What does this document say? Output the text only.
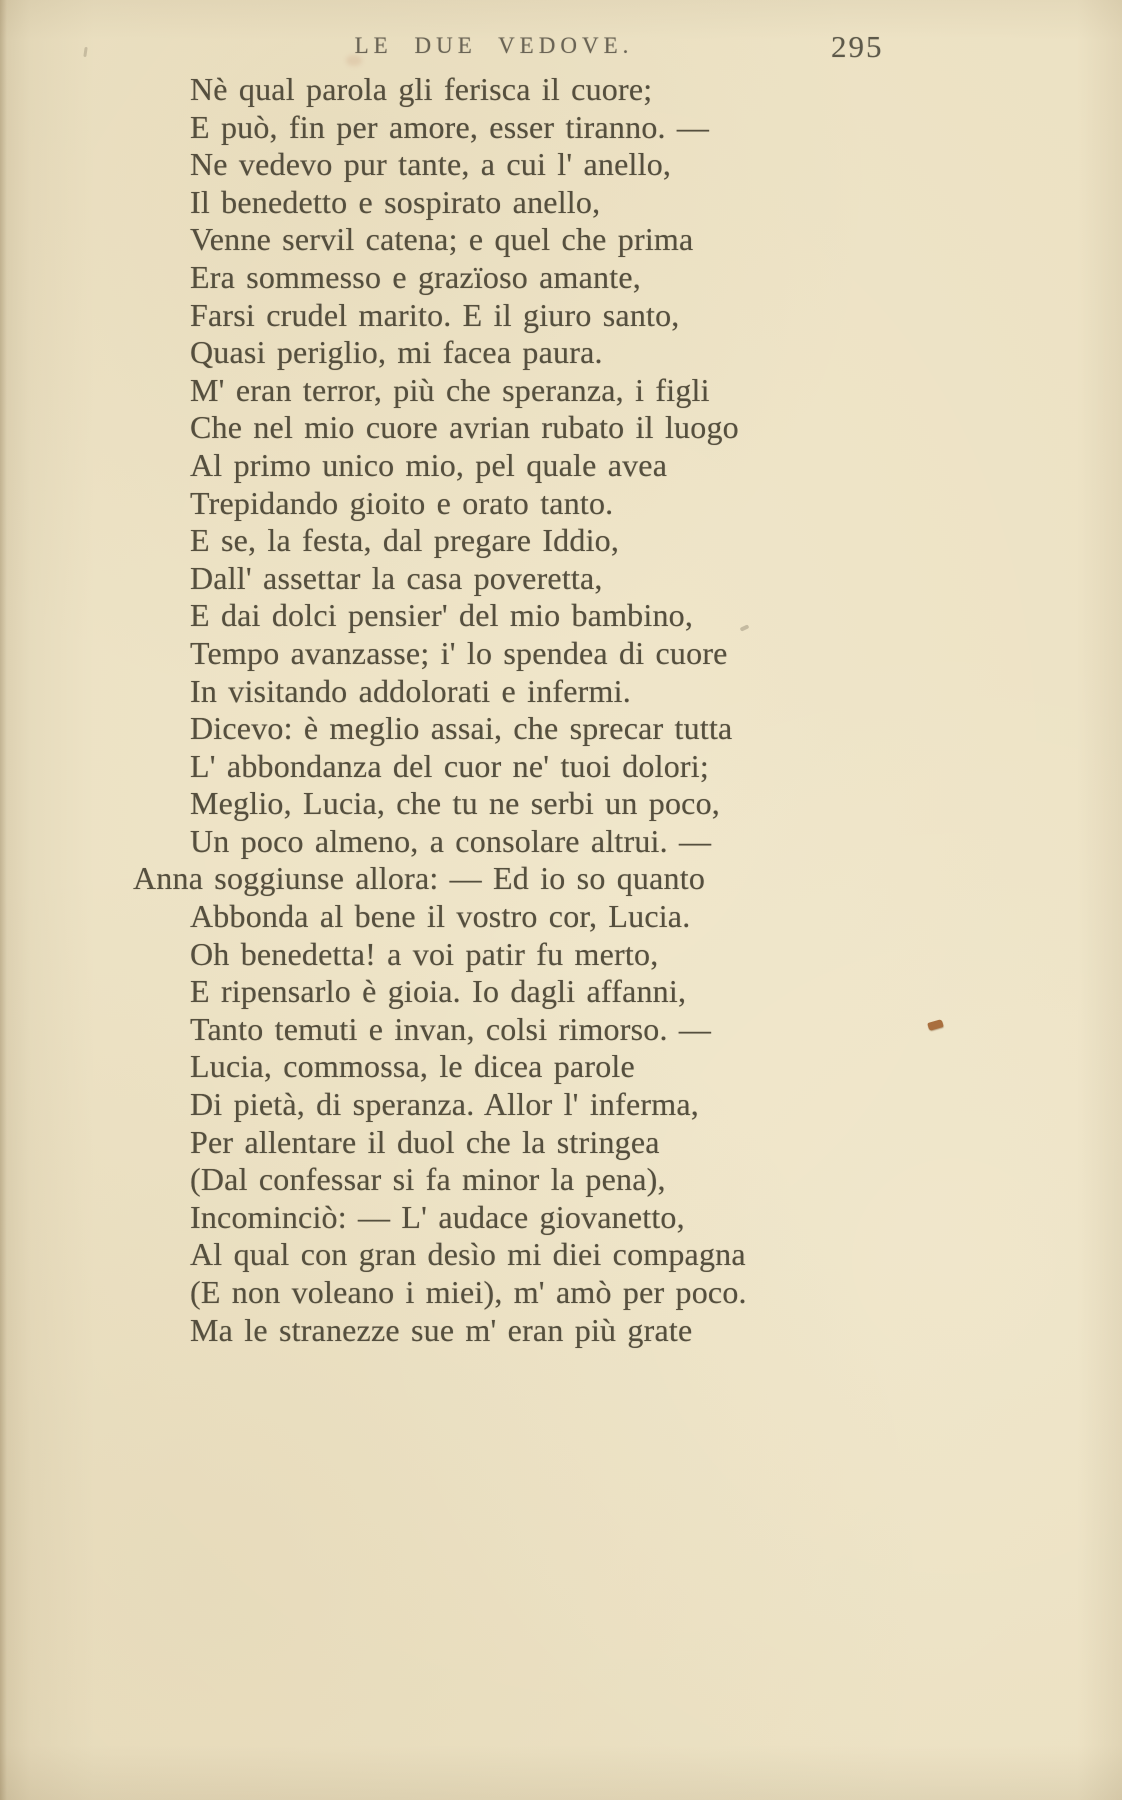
LE DUE VEDOVE.	295
Nè qual parola gli ferisca il cuore;
E può, fin per amore, esser tiranno. —
Ne vedevo pur tante, a cui l' anello,
Il benedetto e sospirato anello,
Venne servil catena; e quel che prima
Era sommesso e grazïoso amante,
Farsi crudel marito. E il giuro santo,
Quasi periglio, mi facea paura.
M' eran terror, più che speranza, i figli
Che nel mio cuore avrian rubato il luogo
Al primo unico mio, pel quale avea
Trepidando gioito e orato tanto.
E se, la festa, dal pregare Iddio,
Dall' assettar la casa poveretta,
E dai dolci pensier' del mio bambino,
Tempo avanzasse; i' lo spendea di cuore
In visitando addolorati e infermi.
Dicevo: è meglio assai, che sprecar tutta
L' abbondanza del cuor ne' tuoi dolori;
Meglio, Lucia, che tu ne serbi un poco,
Un poco almeno, a consolare altrui. —
Anna soggiunse allora: — Ed io so quanto
Abbonda al bene il vostro cor, Lucia.
Oh benedetta! a voi patir fu merto,
E ripensarlo è gioia. Io dagli affanni,
Tanto temuti e invan, colsi rimorso. —
Lucia, commossa, le dicea parole
Di pietà, di speranza. Allor l' inferma,
Per allentare il duol che la stringea
(Dal confessar si fa minor la pena),
Incominciò: — L' audace giovanetto,
Al qual con gran desìo mi diei compagna
(E non voleano i miei), m' amò per poco.
Ma le stranezze sue m' eran più grate
